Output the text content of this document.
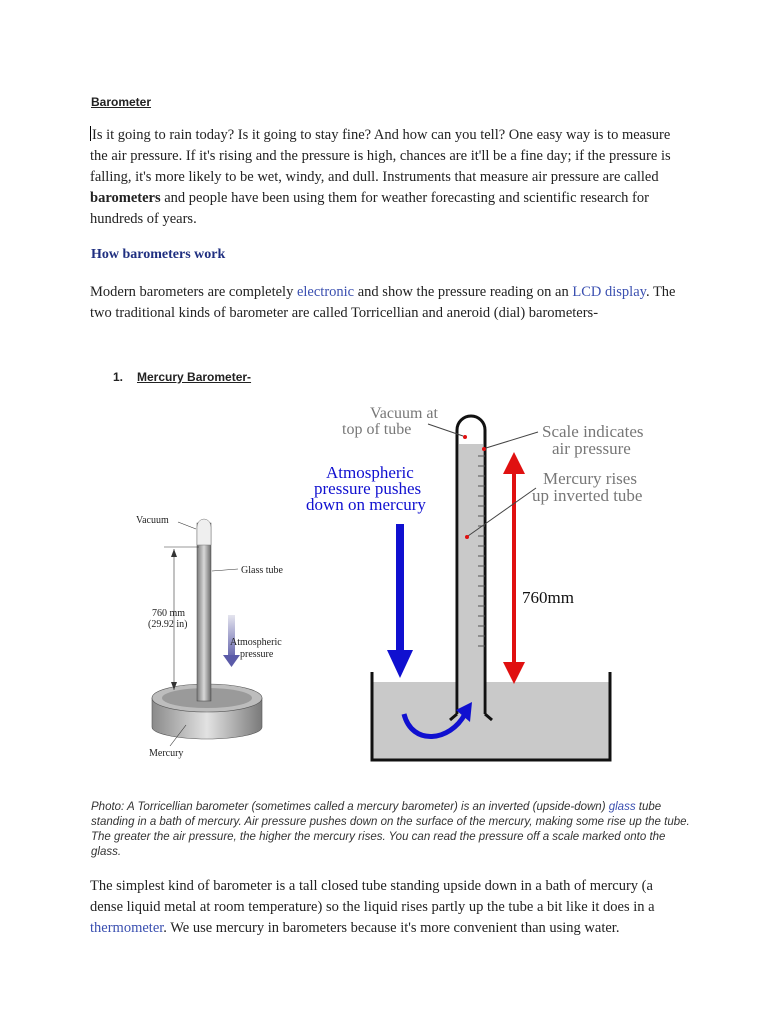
Barometer
Is it going to rain today? Is it going to stay fine? And how can you tell? One easy way is to measure the air pressure. If it's rising and the pressure is high, chances are it'll be a fine day; if the pressure is falling, it's more likely to be wet, windy, and dull. Instruments that measure air pressure are called barometers and people have been using them for weather forecasting and scientific research for hundreds of years.
How barometers work
Modern barometers are completely electronic and show the pressure reading on an LCD display. The two traditional kinds of barometer are called Torricellian and aneroid (dial) barometers-
1. Mercury Barometer-
Vacuum
Glass tube
760 mm
(29.92 in)
Atmospheric
pressure
Mercury
Vacuum at
top of tube	Scale indicates
air pressure
Mercury rises
up inverted tube
Atmospheric
pressure pushes
down on mercury
760mm
Photo: A Torricellian barometer (sometimes called a mercury barometer) is an inverted (upside-down) glass tube standing in a bath of mercury. Air pressure pushes down on the surface of the mercury, making some rise up the tube. The greater the air pressure, the higher the mercury rises. You can read the pressure off a scale marked onto the glass.
The simplest kind of barometer is a tall closed tube standing upside down in a bath of mercury (a dense liquid metal at room temperature) so the liquid rises partly up the tube a bit like it does in a thermometer. We use mercury in barometers because it's more convenient than using water.
